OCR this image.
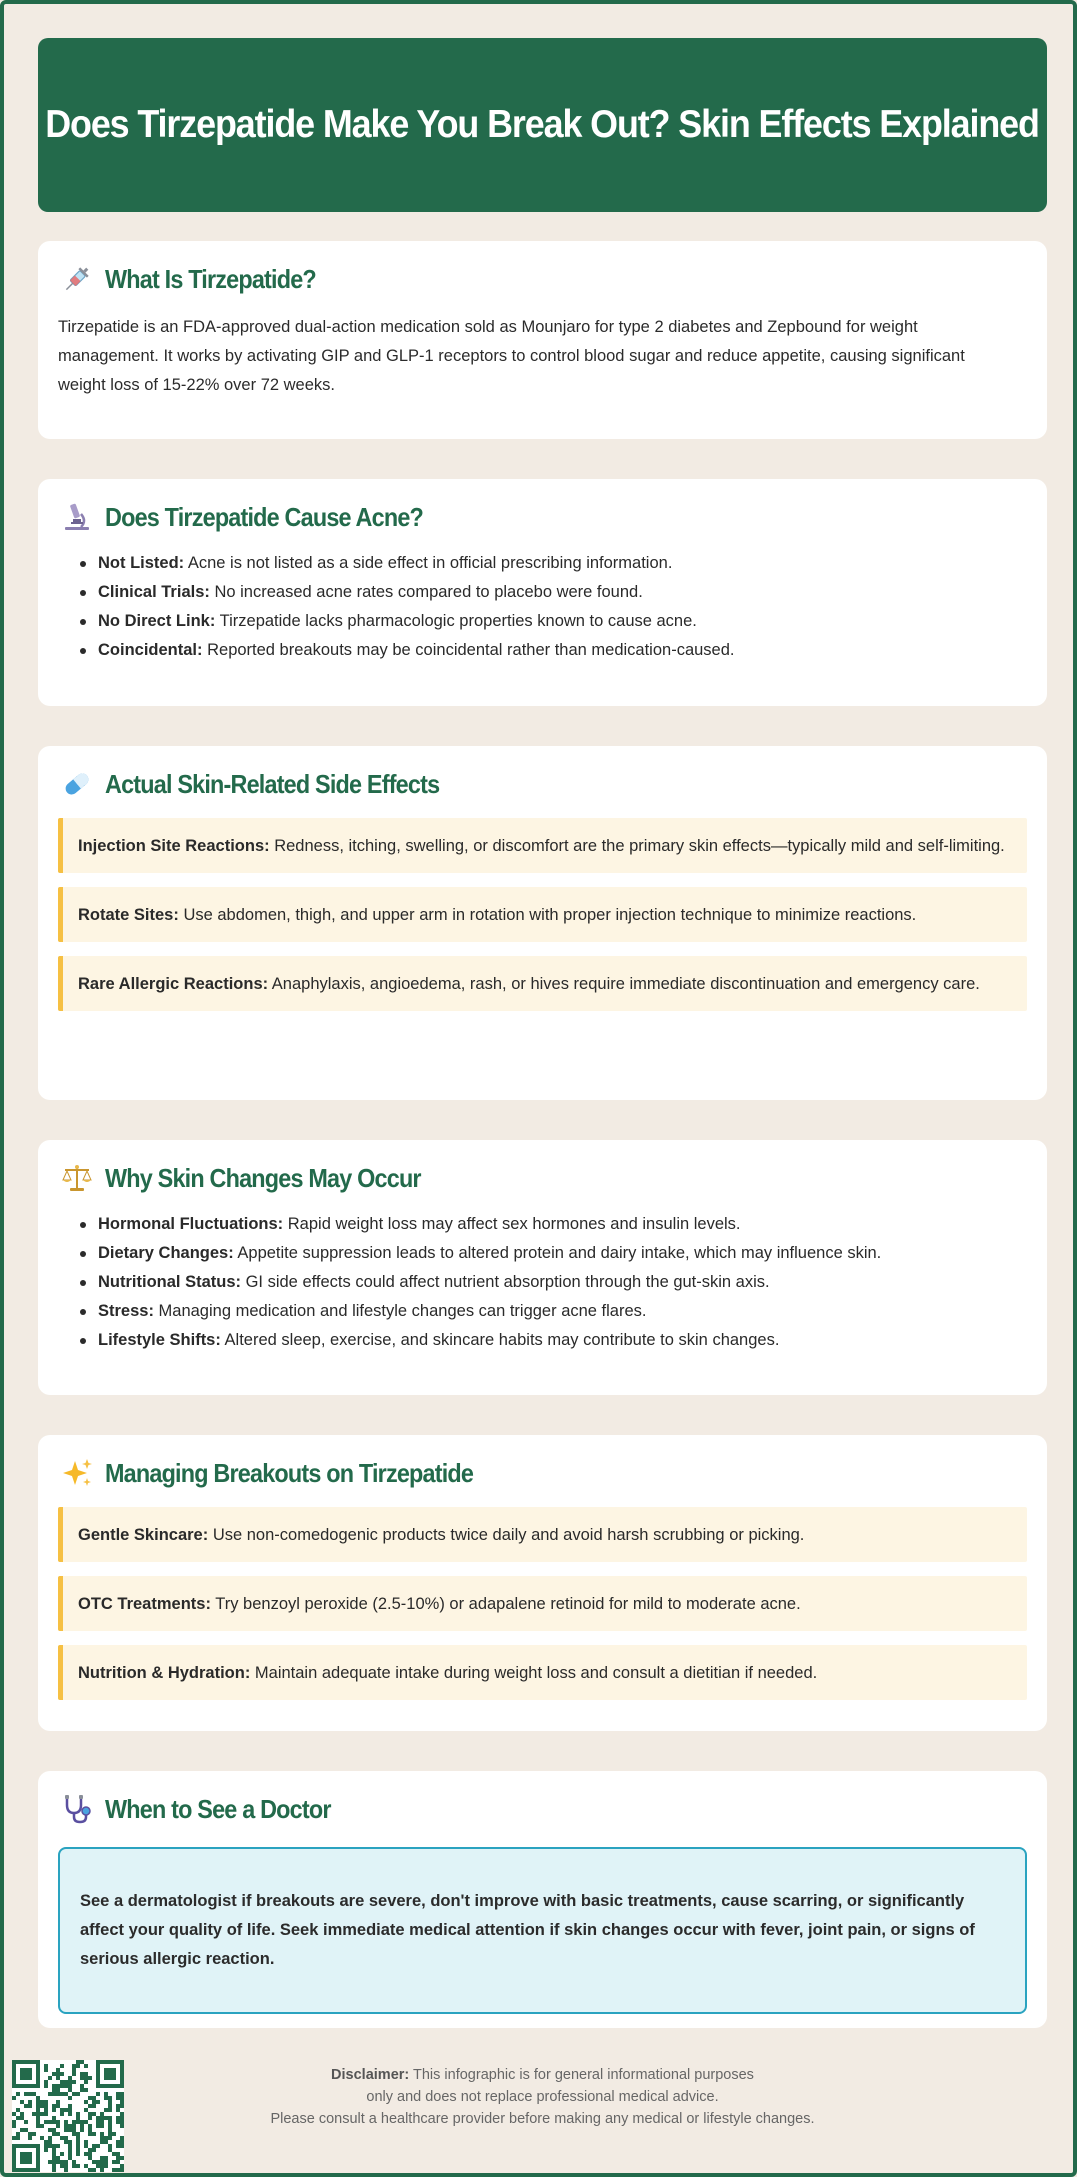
Does Tirzepatide Make You Break Out? Skin Effects Explained
What Is Tirzepatide?

Tirzepatide is an FDA-approved dual-action medication sold as Mounjaro for type 2 diabetes and Zepbound for weight management. It works by activating GIP and GLP-1 receptors to control blood sugar and reduce appetite, causing significant weight loss of 15-22% over 72 weeks.

Does Tirzepatide Cause Acne?
Not Listed: Acne is not listed as a side effect in official prescribing information.
Clinical Trials: No increased acne rates compared to placebo were found.
No Direct Link: Tirzepatide lacks pharmacologic properties known to cause acne.
Coincidental: Reported breakouts may be coincidental rather than medication-caused.
Actual Skin-Related Side Effects
Injection Site Reactions: Redness, itching, swelling, or discomfort are the primary skin effects—typically mild and self-limiting.
Rotate Sites: Use abdomen, thigh, and upper arm in rotation with proper injection technique to minimize reactions.
Rare Allergic Reactions: Anaphylaxis, angioedema, rash, or hives require immediate discontinuation and emergency care.
Why Skin Changes May Occur
Hormonal Fluctuations: Rapid weight loss may affect sex hormones and insulin levels.
Dietary Changes: Appetite suppression leads to altered protein and dairy intake, which may influence skin.
Nutritional Status: GI side effects could affect nutrient absorption through the gut-skin axis.
Stress: Managing medication and lifestyle changes can trigger acne flares.
Lifestyle Shifts: Altered sleep, exercise, and skincare habits may contribute to skin changes.
Managing Breakouts on Tirzepatide
Gentle Skincare: Use non-comedogenic products twice daily and avoid harsh scrubbing or picking.
OTC Treatments: Try benzoyl peroxide (2.5-10%) or adapalene retinoid for mild to moderate acne.
Nutrition & Hydration: Maintain adequate intake during weight loss and consult a dietitian if needed.
When to See a Doctor
See a dermatologist if breakouts are severe, don't improve with basic treatments, cause scarring, or significantly affect your quality of life. Seek immediate medical attention if skin changes occur with fever, joint pain, or signs of serious allergic reaction.
Disclaimer: This infographic is for general informational purposes
only and does not replace professional medical advice.
Please consult a healthcare provider before making any medical or lifestyle changes.
